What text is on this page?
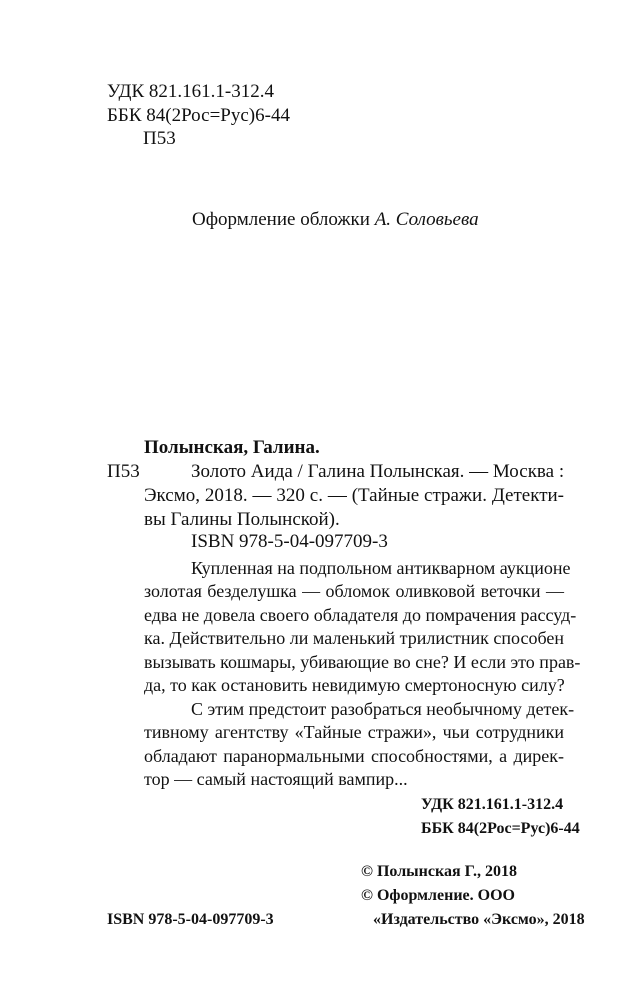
УДК 821.161.1-312.4
ББК 84(2Рос=Рус)6-44
П53
Оформление обложки А. Соловьева
Полынская, Галина.
П53	Золото Аида / Галина Полынская. — Москва :
Эксмо, 2018. — 320 с. — (Тайные стражи. Детекти-
вы Галины Полынской).
ISBN 978-5-04-097709-3
Купленная на подпольном антикварном аукционе
золотая безделушка — обломок оливковой веточки —
едва не довела своего обладателя до помрачения рассуд-
ка. Действительно ли маленький трилистник способен
вызывать кошмары, убивающие во сне? И если это прав-
да, то как остановить невидимую смертоносную силу?
С этим предстоит разобраться необычному детек-
тивному агентству «Тайные стражи», чьи сотрудники
обладают паранормальными способностями, а дирек-
тор — самый настоящий вампир...
УДК 821.161.1-312.4
ББК 84(2Рос=Рус)6-44
© Полынская Г., 2018
© Оформление. ООО
ISBN 978-5-04-097709-3	«Издательство «Эксмо», 2018
